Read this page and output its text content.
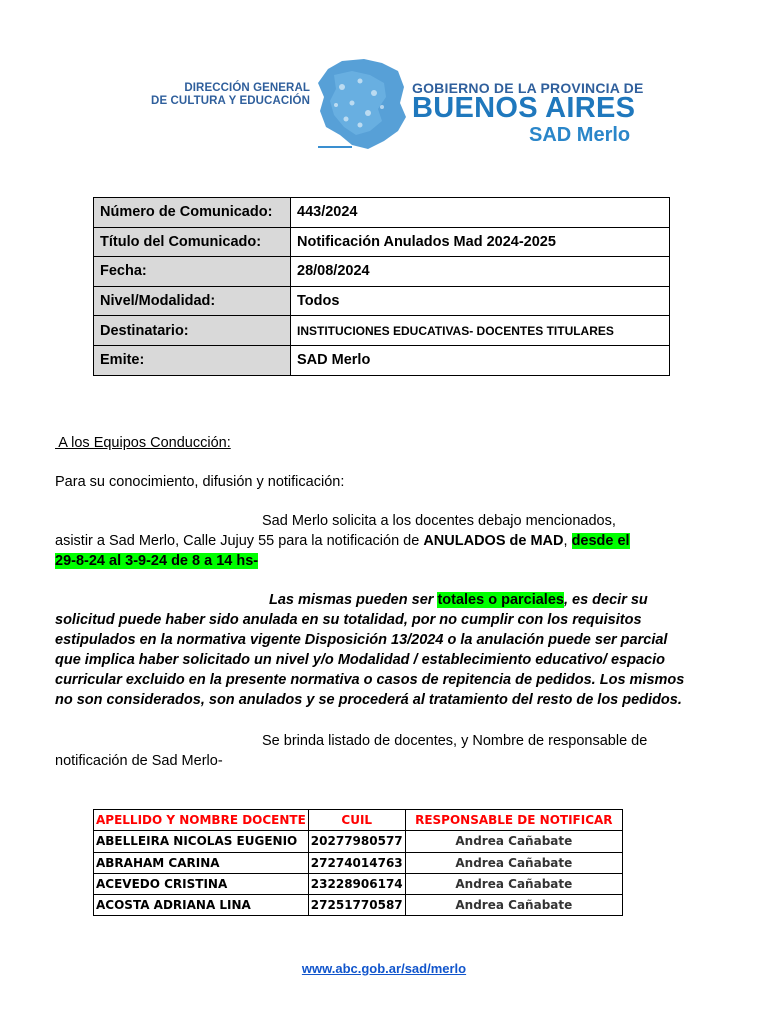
DIRECCIÓN GENERAL
DE CULTURA Y EDUCACIÓN
GOBIERNO DE LA PROVINCIA DE
BUENOS AIRES
SAD Merlo
Número de Comunicado:	443/2024
Título del Comunicado:	Notificación Anulados Mad 2024-2025
Fecha:	28/08/2024
Nivel/Modalidad:	Todos
Destinatario:	INSTITUCIONES EDUCATIVAS- DOCENTES TITULARES
Emite:	SAD Merlo
A los Equipos Conducción:
Para su conocimiento, difusión y notificación:
Sad Merlo solicita a los docentes debajo mencionados,
asistir a Sad Merlo, Calle Jujuy 55 para la notificación de ANULADOS de MAD, desde el
29-8-24 al 3-9-24 de 8 a 14 hs-
Las mismas pueden ser totales o parciales, es decir su
solicitud puede haber sido anulada en su totalidad, por no cumplir con los requisitos
estipulados en la normativa vigente Disposición 13/2024 o la anulación puede ser parcial
que implica haber solicitado un nivel y/o Modalidad / establecimiento educativo/ espacio
curricular excluido en la presente normativa o casos de repitencia de pedidos. Los mismos
no son considerados, son anulados y se procederá al tratamiento del resto de los pedidos.
Se brinda listado de docentes, y Nombre de responsable de
notificación de Sad Merlo-
APELLIDO Y NOMBRE DOCENTE	CUIL	RESPONSABLE DE NOTIFICAR
ABELLEIRA NICOLAS EUGENIO	20277980577	Andrea Cañabate
ABRAHAM CARINA	27274014763	Andrea Cañabate
ACEVEDO CRISTINA	23228906174	Andrea Cañabate
ACOSTA ADRIANA LINA	27251770587	Andrea Cañabate
www.abc.gob.ar/sad/merlo
